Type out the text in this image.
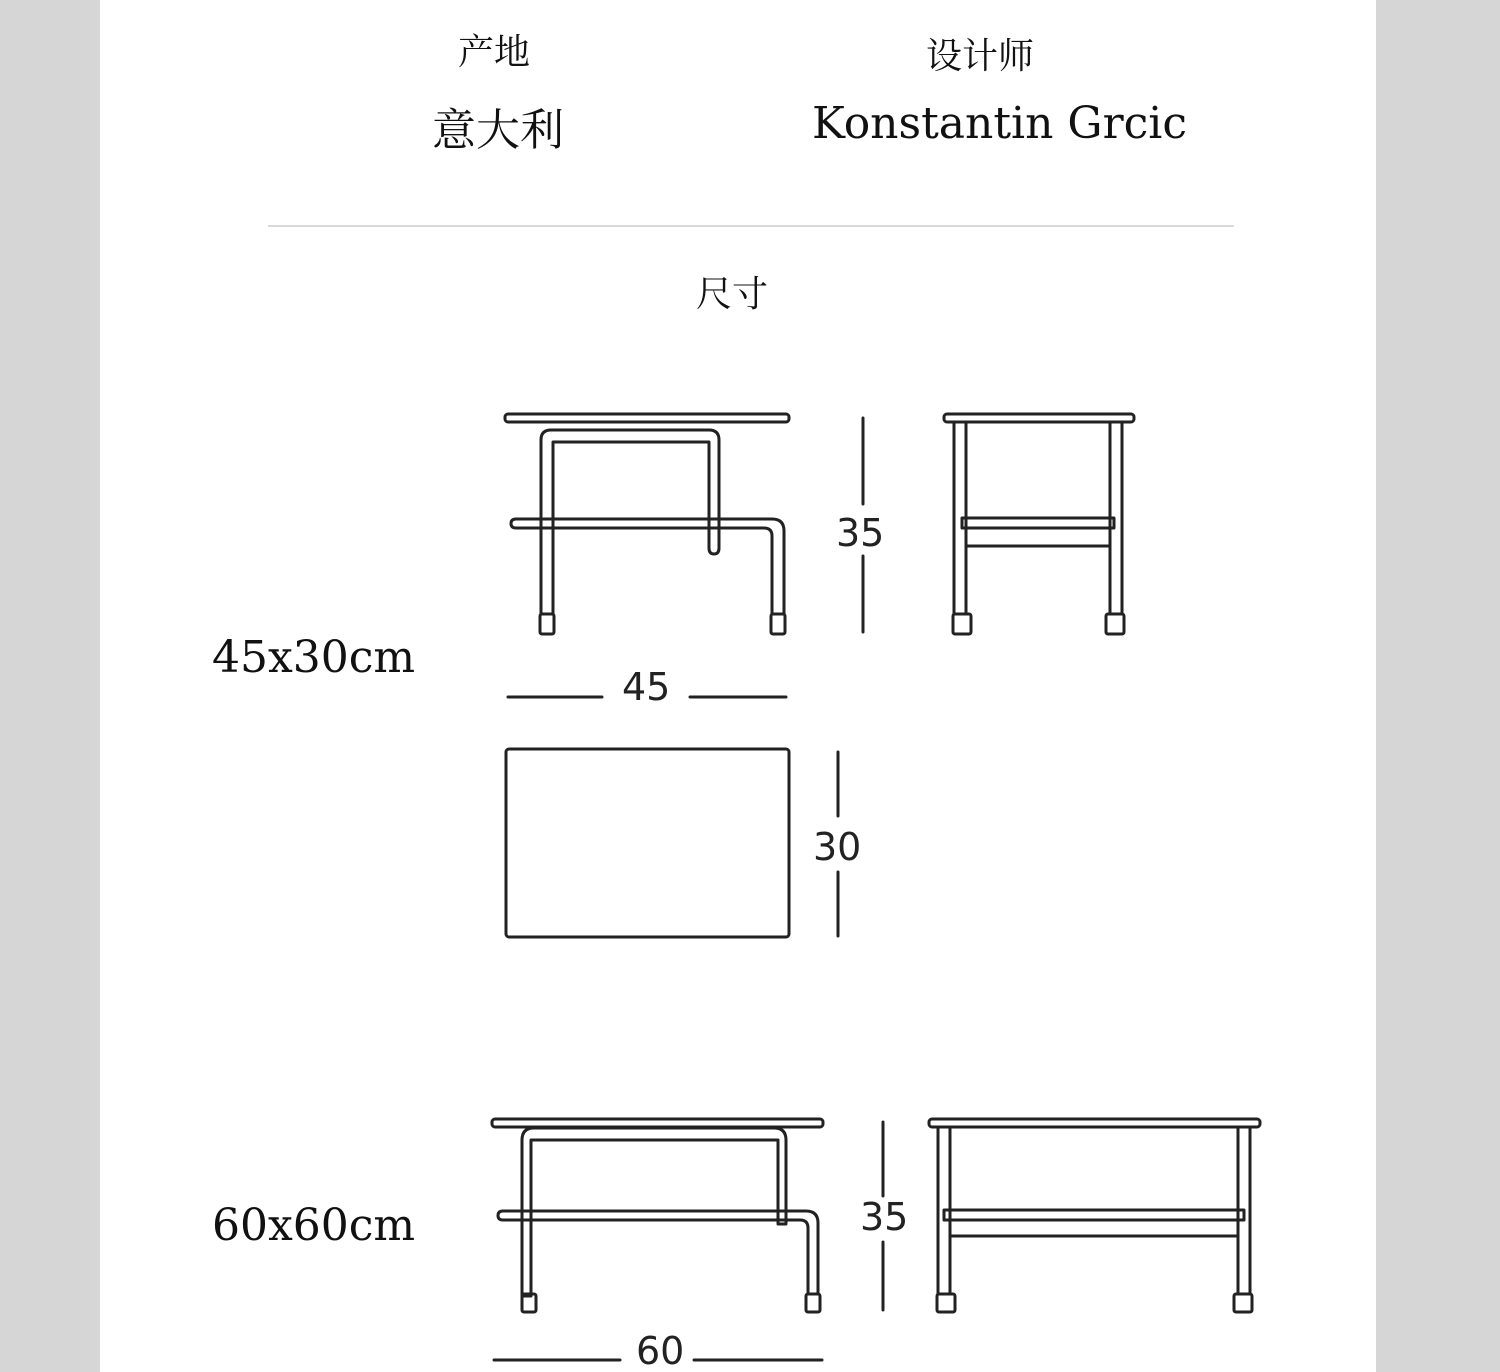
产地
意大利
设计师
Konstantin Grcic
尺寸
45x30cm
60x60cm
35
45
30
35
60
